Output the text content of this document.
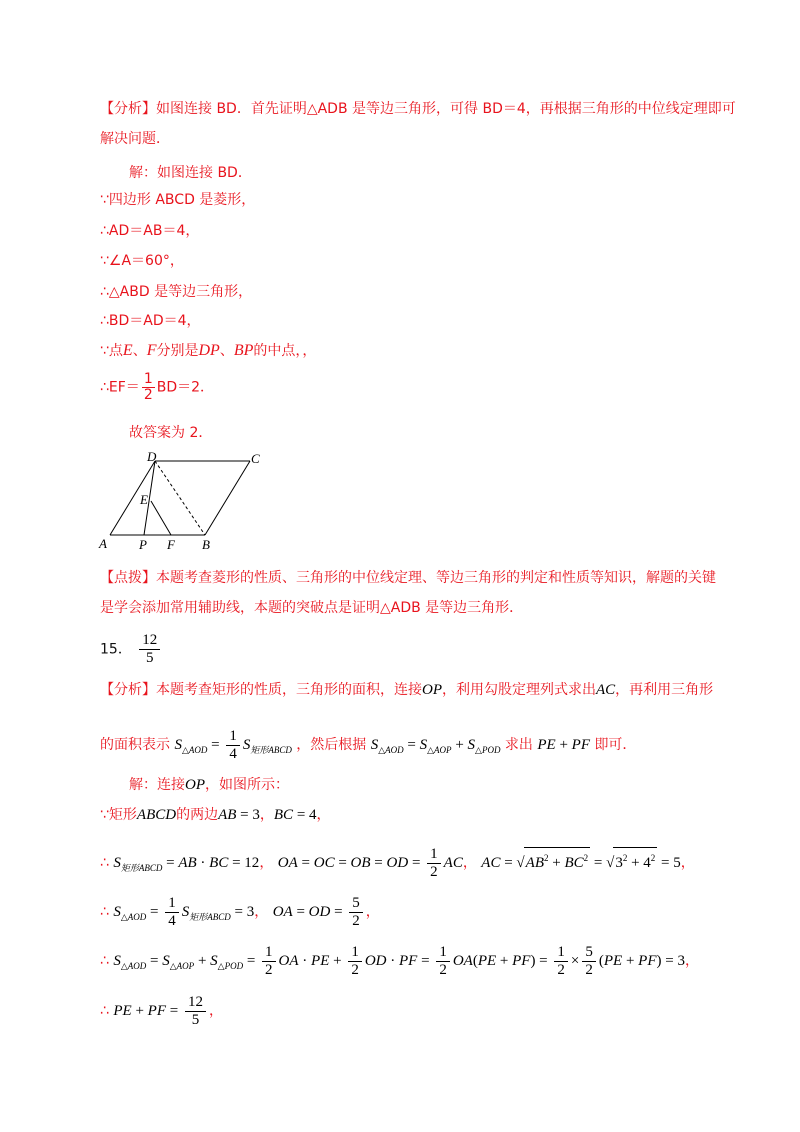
【分析】如图连接 BD．首先证明△ADB 是等边三角形，可得 BD＝4，再根据三角形的中位线定理即可
解决问题．
解：如图连接 BD．
∵四边形 ABCD 是菱形，
∴AD＝AB＝4，
∵∠A＝60°，
∴△ABD 是等边三角形，
∴BD＝AD＝4，
∵点E、F分别是DP、BP的中点，，
∴EF＝ $\frac{1}{2} BD=2$．
故答案为 2．
D	C
E
A P F B
【点拨】本题考查菱形的性质、三角形的中位线定理、等边三角形的判定和性质等知识，解题的关键
是学会添加常用辅助线，本题的突破点是证明△ADB 是等边三角形．
15． $\frac{12}{5}$
【分析】本题考查矩形的性质，三角形的面积，连接OP，利用勾股定理列式求出AC，再利用三角形
的面积表示 $S_{\triangle AOD} = \frac{1}{4} S_{矩形ABCD}$ ，然后根据 $S_{\triangle AOD} = S_{\triangle AOP} + S_{\triangle POD}$ 求出 PE + PF 即可．
解：连接OP，如图所示：
∵矩形ABCD的两边AB = 3，BC = 4，
∴ $S_{矩形ABCD}$ = AB · BC = 12， OA = OC = OB = OD = $\frac{1}{2}$ AC， AC = $√AB^2 + BC^2 = √3^2 + 4^2 = 5$，
∴ $S_{\triangle AOD} = \frac{1}{4} S_{矩形ABCD} = 3$， OA = OD = $\frac{5}{2}$ ，
∴ $S_{\triangle AOD} = S_{\triangle AOP} + S_{\triangle POD} = \frac{1}{2}$ OA · PE + $\frac{1}{2}$ OD · PF = $\frac{1}{2} OA(PE + PF) = \frac{1}{2} \times \frac{5}{2} (PE + PF) = 3$，
∴ PE + PF = $\frac{12}{5}$ ，
